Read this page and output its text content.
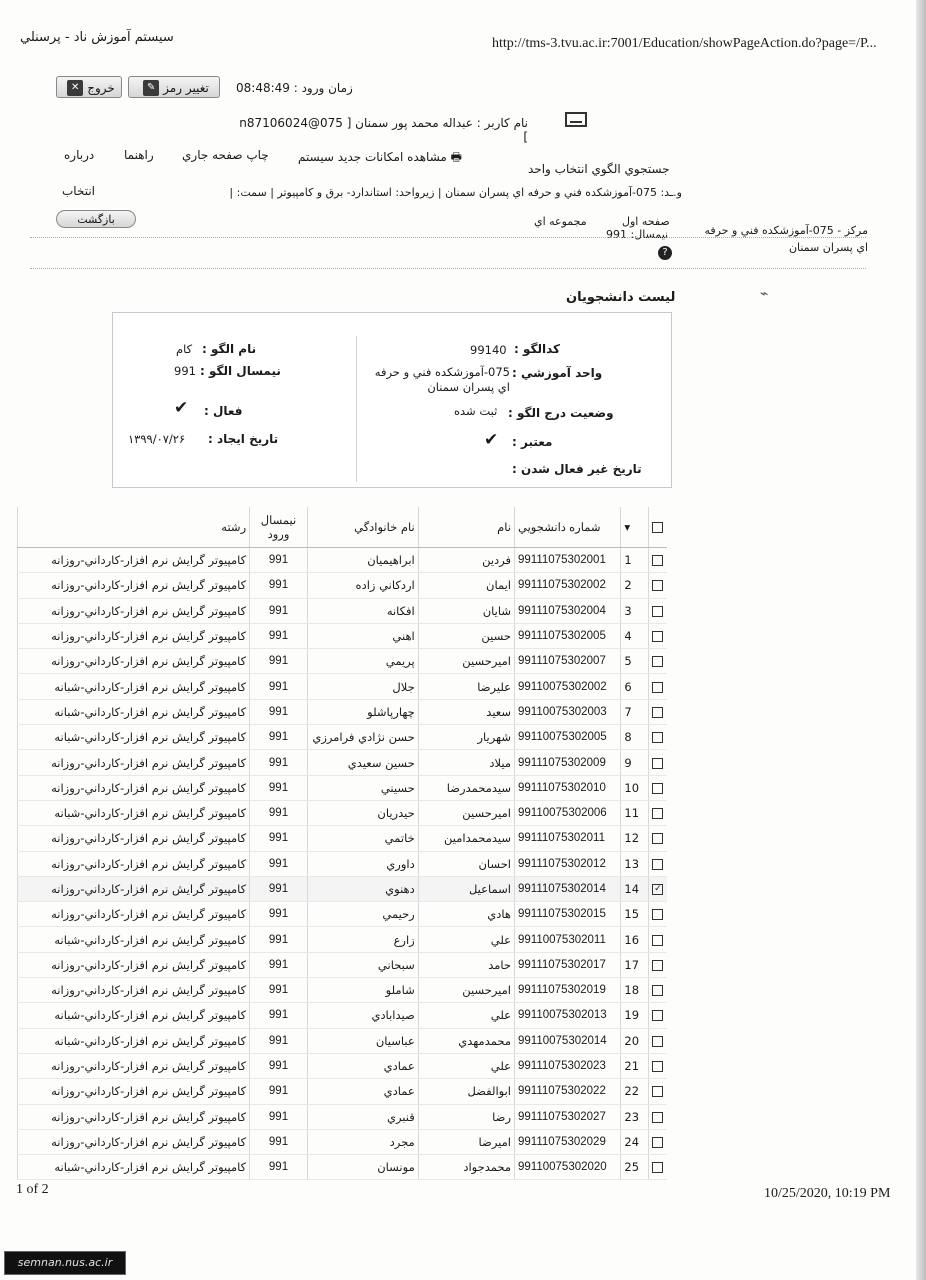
سيستم آموزش ناد - پرسنلي	http://tms-3.tvu.ac.ir:7001/Education/showPageAction.do?page=/P...
✕ خروج	✎ تغيير رمز	زمان ورود : 08:48:49
نام كاربر : عبداله محمد پور سمنان [ n87106024@075 ]
درباره راهنما چاپ صفحه جاري	🖶 مشاهده امكانات جديد سيستم
جستجوي الگوي انتخاب واحد
و.ـد: 075-آموزشكده فني و حرفه اي پسران سمنان | زيرواحد: استاندارد- برق و كامپيوتر | سمت: |
انتخاب
بازگشت	صفحه اول
مجموعه اي
نيمسال: 991
?
مركز - 075-آموزشكده فني و حرفه اي پسران سمنان
ليست دانشجويان	⌁
كدالگو :
99140
واحد آموزشي :
075-آموزشكده فني و حرفه اي پسران سمنان
وضعيت درج الگو :
ثبت شده
معتبر :
✔
تاريخ غير فعال شدن :
نام الگو :
كام
نيمسال الگو :
991
فعال :
✔
تاريخ ايجاد :
۱۳۹۹/۰۷/۲۶
	▾	شماره دانشجويي	نام	نام خانوادگي	نيمسال ورود	رشته
	1	99111075302001	فردين	ابراهيميان	991	كامپيوتر گرايش نرم افزار-كارداني-روزانه
	2	99111075302002	ايمان	اردكاني زاده	991	كامپيوتر گرايش نرم افزار-كارداني-روزانه
	3	99111075302004	شايان	افكانه	991	كامپيوتر گرايش نرم افزار-كارداني-روزانه
	4	99111075302005	حسين	اهني	991	كامپيوتر گرايش نرم افزار-كارداني-روزانه
	5	99111075302007	اميرحسين	پريمي	991	كامپيوتر گرايش نرم افزار-كارداني-روزانه
	6	99110075302002	عليرضا	جلال	991	كامپيوتر گرايش نرم افزار-كارداني-شبانه
	7	99110075302003	سعيد	چهارپاشلو	991	كامپيوتر گرايش نرم افزار-كارداني-شبانه
	8	99110075302005	شهريار	حسن نژادي فرامرزي	991	كامپيوتر گرايش نرم افزار-كارداني-شبانه
	9	99111075302009	ميلاد	حسين سعيدي	991	كامپيوتر گرايش نرم افزار-كارداني-روزانه
	10	99111075302010	سيدمحمدرضا	حسيني	991	كامپيوتر گرايش نرم افزار-كارداني-روزانه
	11	99110075302006	اميرحسين	حيدريان	991	كامپيوتر گرايش نرم افزار-كارداني-شبانه
	12	99111075302011	سيدمحمدامين	خاتمي	991	كامپيوتر گرايش نرم افزار-كارداني-روزانه
	13	99111075302012	احسان	داوري	991	كامپيوتر گرايش نرم افزار-كارداني-روزانه
✓	14	99111075302014	اسماعيل	دهنوي	991	كامپيوتر گرايش نرم افزار-كارداني-روزانه
	15	99111075302015	هادي	رحيمي	991	كامپيوتر گرايش نرم افزار-كارداني-روزانه
	16	99110075302011	علي	زارع	991	كامپيوتر گرايش نرم افزار-كارداني-شبانه
	17	99111075302017	حامد	سبحاني	991	كامپيوتر گرايش نرم افزار-كارداني-روزانه
	18	99111075302019	اميرحسين	شاملو	991	كامپيوتر گرايش نرم افزار-كارداني-روزانه
	19	99110075302013	علي	صيدابادي	991	كامپيوتر گرايش نرم افزار-كارداني-شبانه
	20	99110075302014	محمدمهدي	عباسيان	991	كامپيوتر گرايش نرم افزار-كارداني-شبانه
	21	99111075302023	علي	عمادي	991	كامپيوتر گرايش نرم افزار-كارداني-روزانه
	22	99111075302022	ابوالفضل	عمادي	991	كامپيوتر گرايش نرم افزار-كارداني-روزانه
	23	99111075302027	رضا	قنبري	991	كامپيوتر گرايش نرم افزار-كارداني-روزانه
	24	99111075302029	اميرضا	مجرد	991	كامپيوتر گرايش نرم افزار-كارداني-روزانه
	25	99110075302020	محمدجواد	مونسان	991	كامپيوتر گرايش نرم افزار-كارداني-شبانه
1 of 2	10/25/2020, 10:19 PM
semnan.nus.ac.ir
